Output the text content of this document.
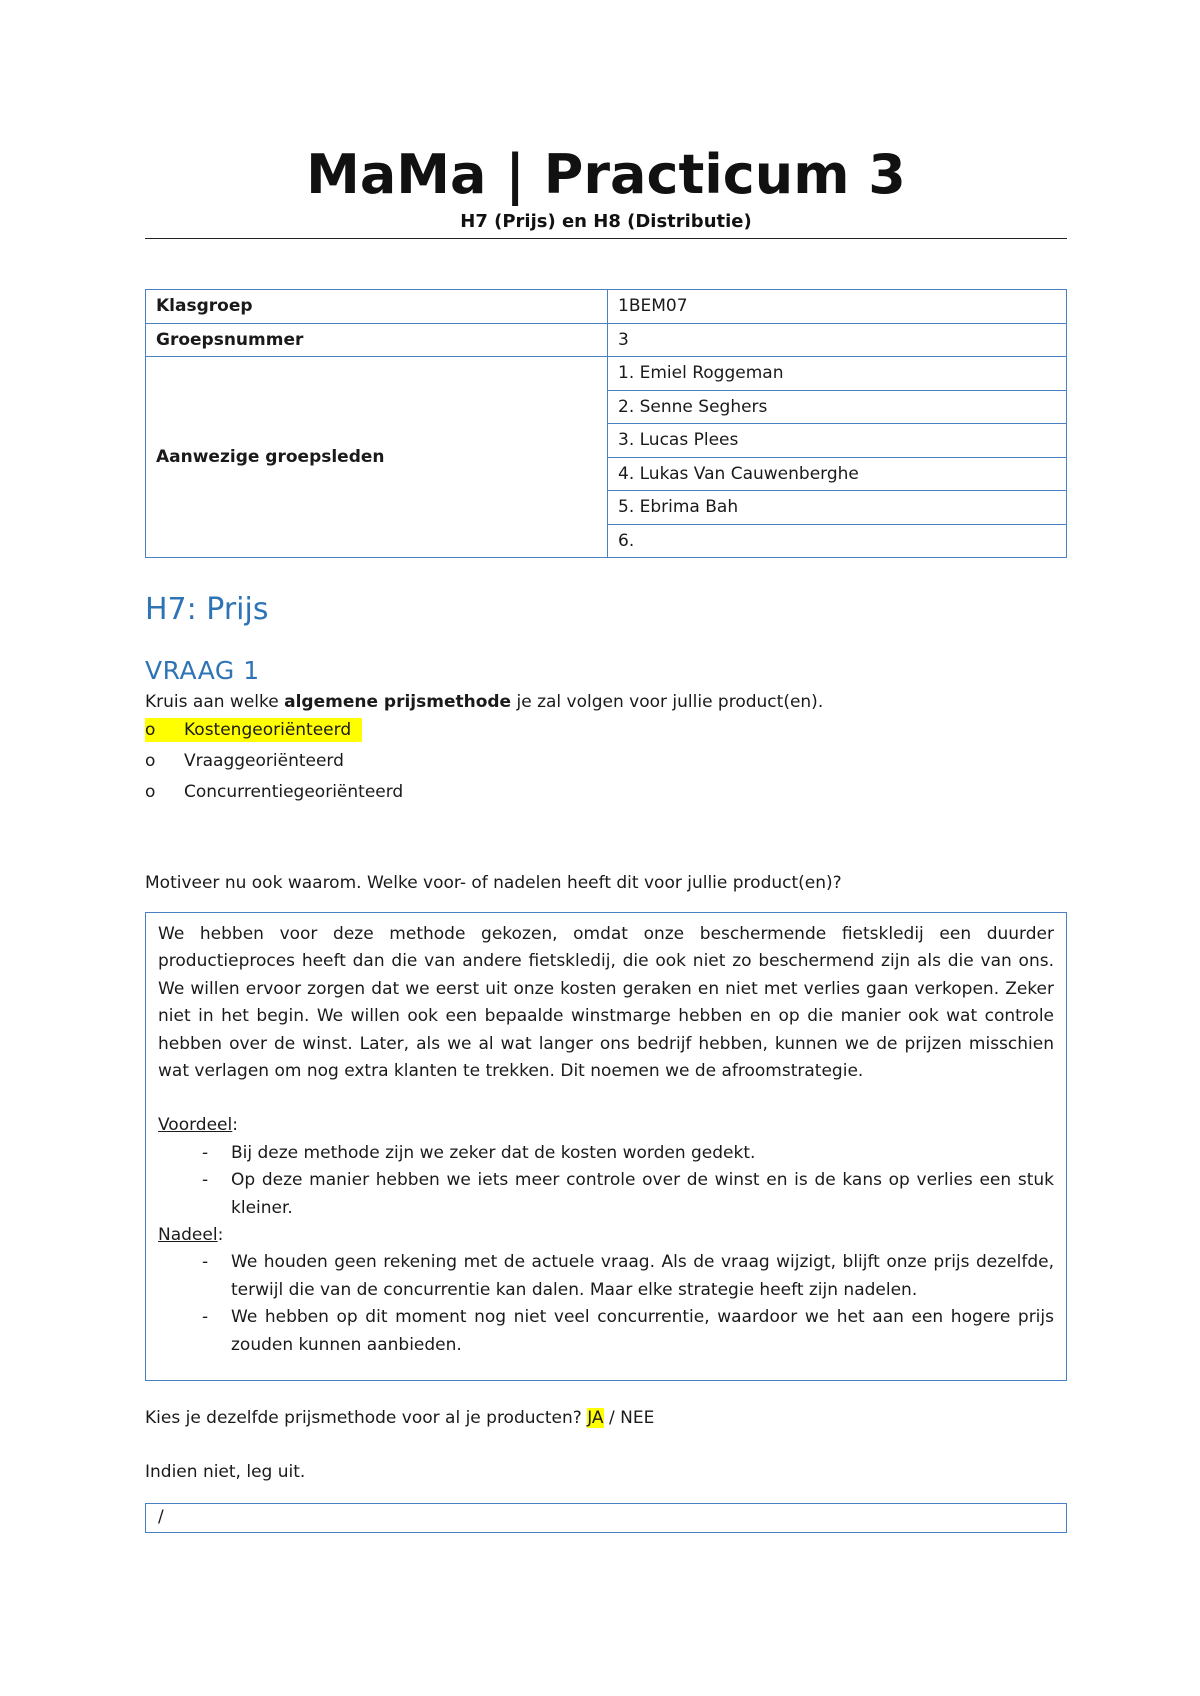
MaMa | Practicum 3
H7 (Prijs) en H8 (Distributie)
Klasgroep	1BEM07
Groepsnummer	3
Aanwezige groepsleden	1. Emiel Roggeman
	2. Senne Seghers
	3. Lucas Plees
	4. Lukas Van Cauwenberghe
	5. Ebrima Bah
	6.
H7: Prijs
VRAAG 1
Kruis aan welke algemene prijsmethode je zal volgen voor jullie product(en).
o	Kostengeoriënteerd
o	Vraaggeoriënteerd
o	Concurrentiegeoriënteerd
Motiveer nu ook waarom. Welke voor- of nadelen heeft dit voor jullie product(en)?

We hebben voor deze methode gekozen, omdat onze beschermende fietskledij een duurder productieproces heeft dan die van andere fietskledij, die ook niet zo beschermend zijn als die van ons. We willen ervoor zorgen dat we eerst uit onze kosten geraken en niet met verlies gaan verkopen. Zeker niet in het begin. We willen ook een bepaalde winstmarge hebben en op die manier ook wat controle hebben over de winst. Later, als we al wat langer ons bedrijf hebben, kunnen we de prijzen misschien wat verlagen om nog extra klanten te trekken. Dit noemen we de afroomstrategie.

Voordeel:

- Bij deze methode zijn we zeker dat de kosten worden gedekt.
- Op deze manier hebben we iets meer controle over de winst en is de kans op verlies een stuk kleiner.

Nadeel:

- We houden geen rekening met de actuele vraag. Als de vraag wijzigt, blijft onze prijs dezelfde, terwijl die van de concurrentie kan dalen. Maar elke strategie heeft zijn nadelen.
- We hebben op dit moment nog niet veel concurrentie, waardoor we het aan een hogere prijs zouden kunnen aanbieden.
Kies je dezelfde prijsmethode voor al je producten? JA / NEE
Indien niet, leg uit.
/
